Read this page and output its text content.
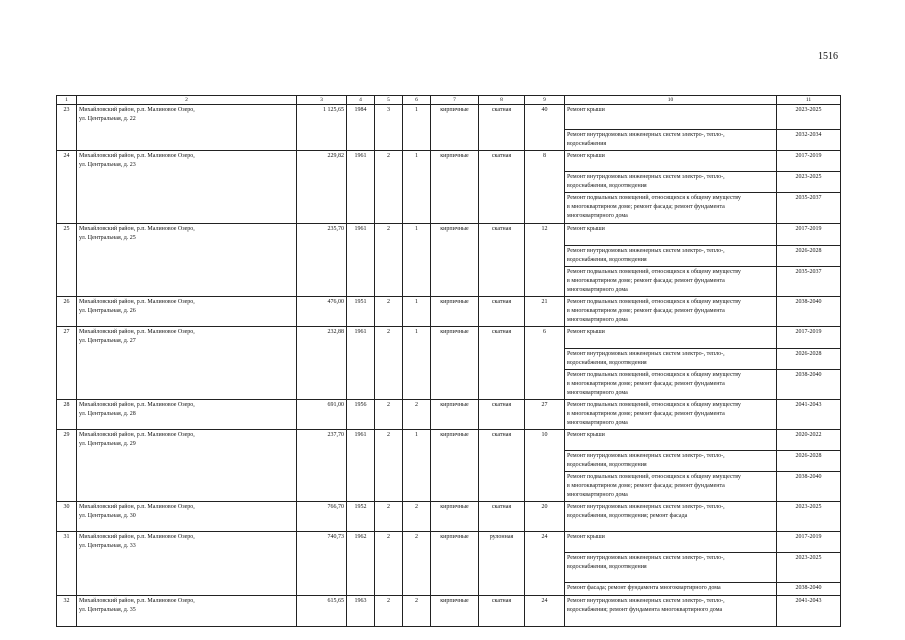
1516
1	2	3	4	5	6	7	8	9	10	11
23	Михайловский район, р.п. Малиновое Озеро,
ул. Центральная, д. 22	1 125,65	1984	3	1	кирпичные	скатная	40	Ремонт крыши	2023-2025

									Ремонт внутридомовых инженерных систем электро-, тепло-,
водоснабжения	2032-2034
24	Михайловский район, р.п. Малиновое Озеро,
ул. Центральная, д. 23	229,82	1961	2	1	кирпичные	скатная	8	Ремонт крыши	2017-2019

									Ремонт внутридомовых инженерных систем электро-, тепло-,
водоснабжения, водоотведения	2023-2025

									Ремонт подвальных помещений, относящихся к общему имуществу
в многоквартирном доме; ремонт фасада; ремонт фундамента
многоквартирного дома	2035-2037
25	Михайловский район, р.п. Малиновое Озеро,
ул. Центральная, д. 25	235,70	1961	2	1	кирпичные	скатная	12	Ремонт крыши	2017-2019

									Ремонт внутридомовых инженерных систем электро-, тепло-,
водоснабжения, водоотведения	2026-2028

									Ремонт подвальных помещений, относящихся к общему имуществу
в многоквартирном доме; ремонт фасада; ремонт фундамента
многоквартирного дома	2035-2037
26	Михайловский район, р.п. Малиновое Озеро,
ул. Центральная, д. 26	476,00	1951	2	1	кирпичные	скатная	21	Ремонт подвальных помещений, относящихся к общему имуществу
в многоквартирном доме; ремонт фасада; ремонт фундамента
многоквартирного дома	2038-2040
27	Михайловский район, р.п. Малиновое Озеро,
ул. Центральная, д. 27	232,88	1961	2	1	кирпичные	скатная	6	Ремонт крыши	2017-2019

									Ремонт внутридомовых инженерных систем электро-, тепло-,
водоснабжения, водоотведения	2026-2028

									Ремонт подвальных помещений, относящихся к общему имуществу
в многоквартирном доме; ремонт фасада; ремонт фундамента
многоквартирного дома	2038-2040
28	Михайловский район, р.п. Малиновое Озеро,
ул. Центральная, д. 28	691,00	1956	2	2	кирпичные	скатная	27	Ремонт подвальных помещений, относящихся к общему имуществу
в многоквартирном доме; ремонт фасада; ремонт фундамента
многоквартирного дома	2041-2043
29	Михайловский район, р.п. Малиновое Озеро,
ул. Центральная, д. 29	237,70	1961	2	1	кирпичные	скатная	10	Ремонт крыши	2020-2022

									Ремонт внутридомовых инженерных систем электро-, тепло-,
водоснабжения, водоотведения	2026-2028

									Ремонт подвальных помещений, относящихся к общему имуществу
в многоквартирном доме; ремонт фасада; ремонт фундамента
многоквартирного дома	2038-2040
30	Михайловский район, р.п. Малиновое Озеро,
ул. Центральная, д. 30	766,70	1952	2	2	кирпичные	скатная	20	Ремонт внутридомовых инженерных систем электро-, тепло-,
водоснабжения, водоотведения; ремонт фасада	2023-2025
31	Михайловский район, р.п. Малиновое Озеро,
ул. Центральная, д. 33	740,73	1962	2	2	кирпичные	рулонная	24	Ремонт крыши	2017-2019

									Ремонт внутридомовых инженерных систем электро-, тепло-,
водоснабжения, водоотведения	2023-2025

									Ремонт фасада; ремонт фундамента многоквартирного дома	2038-2040
32	Михайловский район, р.п. Малиновое Озеро,
ул. Центральная, д. 35	615,65	1963	2	2	кирпичные	скатная	24	Ремонт внутридомовых инженерных систем электро-, тепло-,
водоснабжения; ремонт фундамента многоквартирного дома	2041-2043
